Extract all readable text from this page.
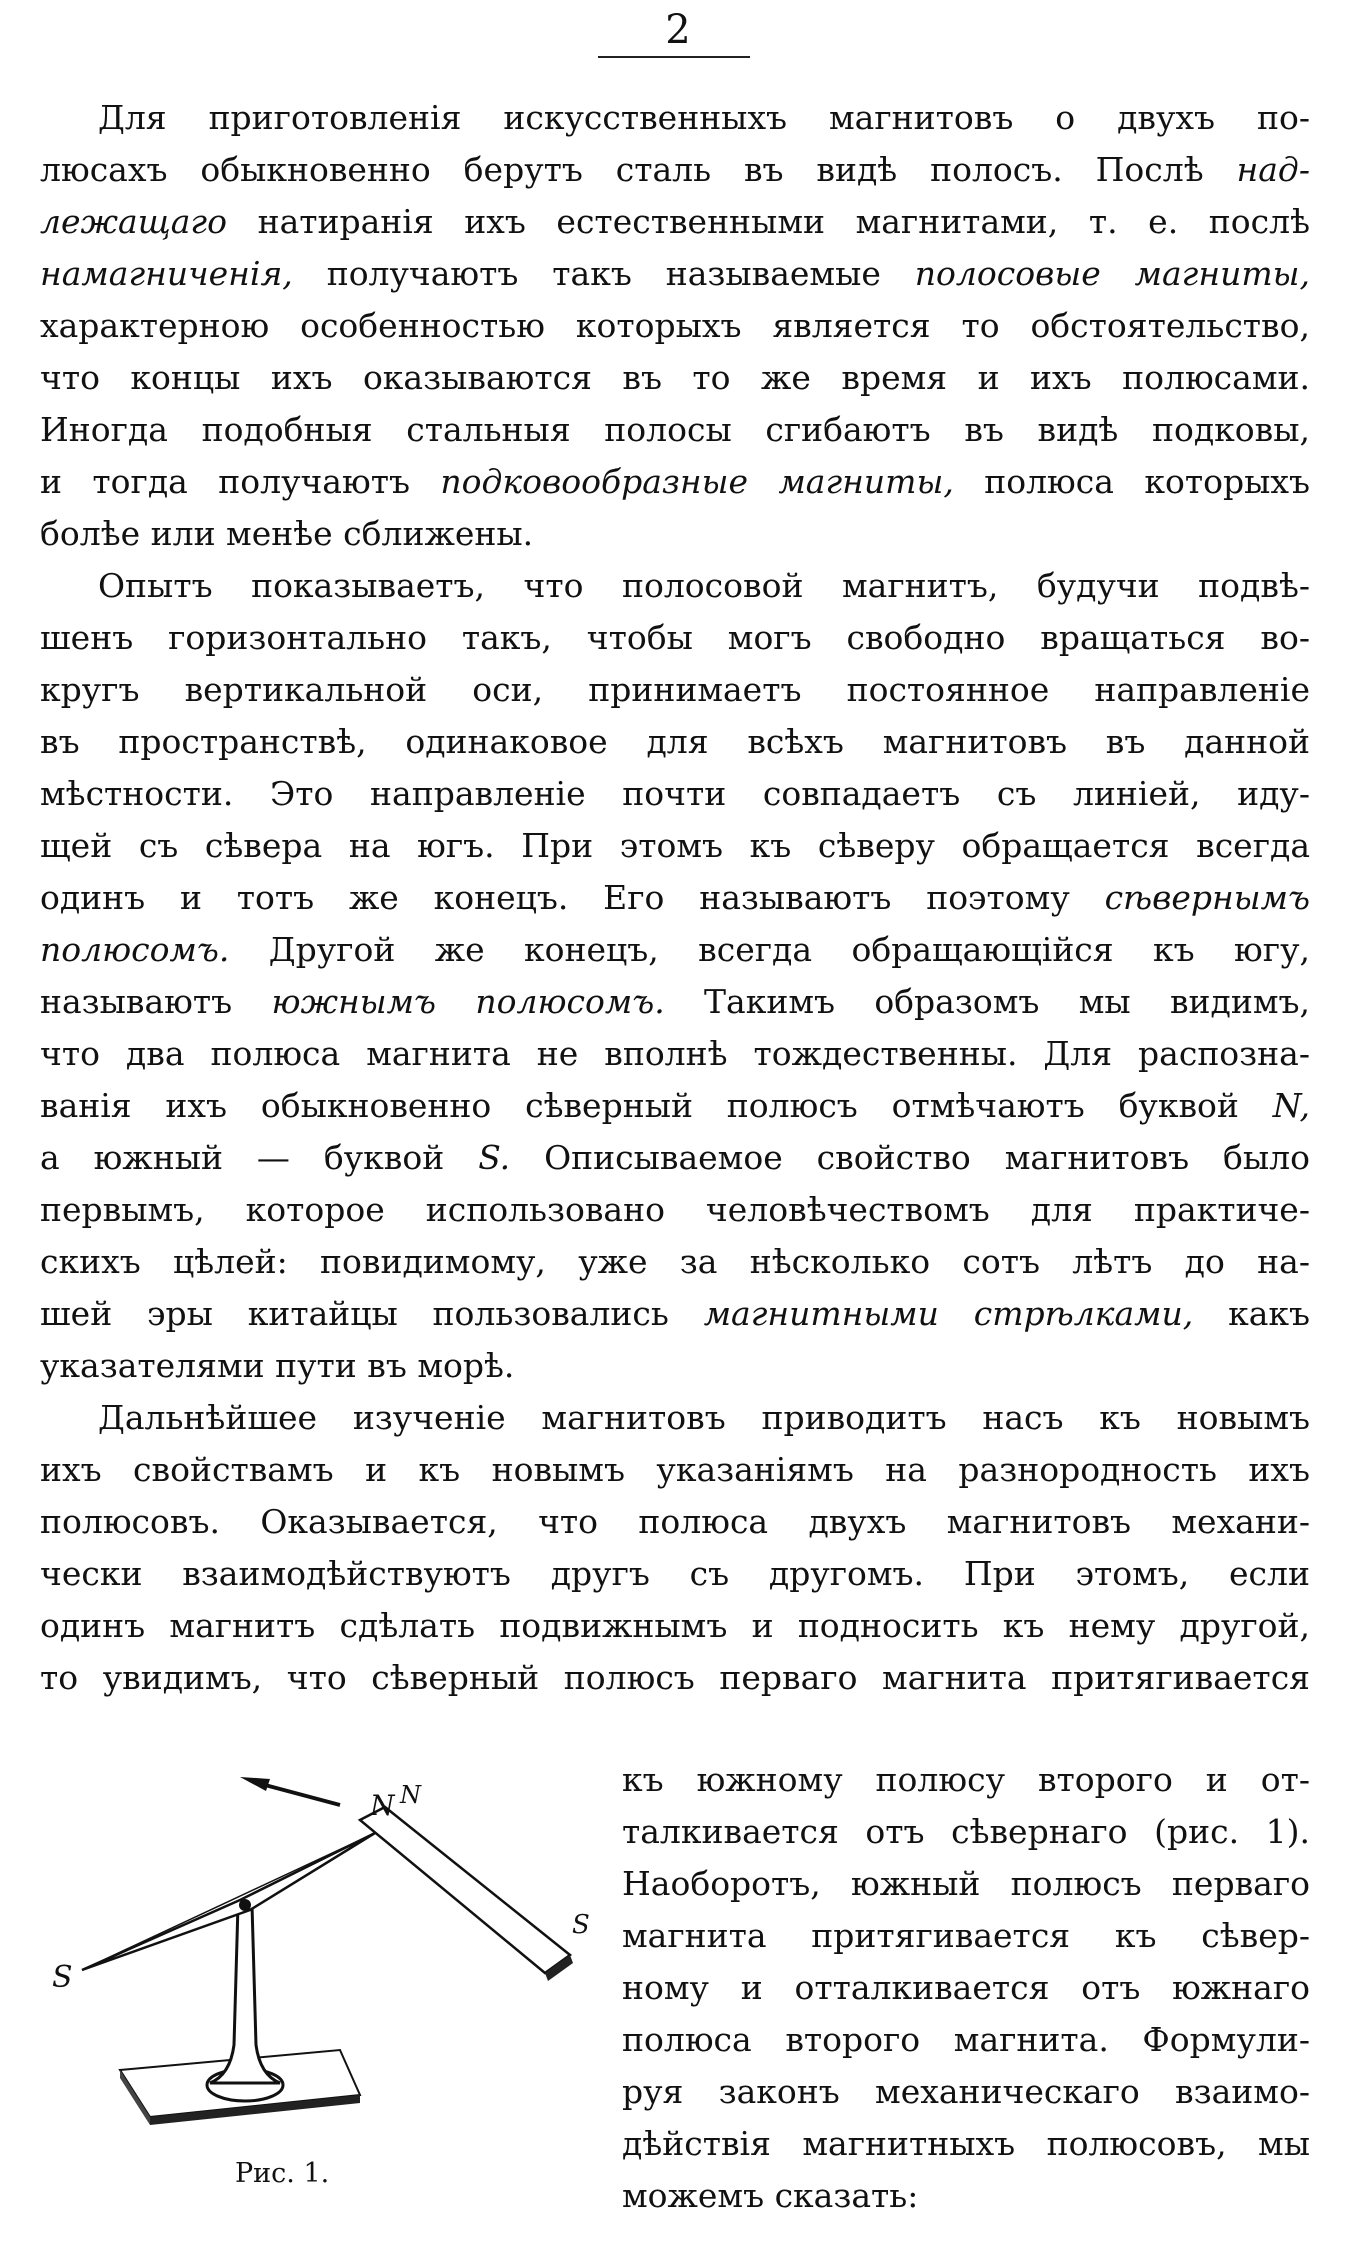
2

Для приготовленія искусственныхъ магнитовъ о двухъ по-
люсахъ обыкновенно берутъ сталь въ видѣ полосъ. Послѣ над-
лежащаго натиранія ихъ естественными магнитами, т. е. послѣ
намагниченія, получаютъ такъ называемые полосовые магниты,
характерною особенностью которыхъ является то обстоятельство,
что концы ихъ оказываются въ то же время и ихъ полюсами.
Иногда подобныя стальныя полосы сгибаютъ въ видѣ подковы,
и тогда получаютъ подковообразные магниты, полюса которыхъ
болѣе или менѣе сближены.

Опытъ показываетъ, что полосовой магнитъ, будучи подвѣ-
шенъ горизонтально такъ, чтобы могъ свободно вращаться во-
кругъ вертикальной оси, принимаетъ постоянное направленіе
въ пространствѣ, одинаковое для всѣхъ магнитовъ въ данной
мѣстности. Это направленіе почти совпадаетъ съ линіей, иду-
щей съ сѣвера на югъ. При этомъ къ сѣверу обращается всегда
одинъ и тотъ же конецъ. Его называютъ поэтому сѣвернымъ
полюсомъ. Другой же конецъ, всегда обращающійся къ югу,
называютъ южнымъ полюсомъ. Такимъ образомъ мы видимъ,
что два полюса магнита не вполнѣ тождественны. Для распозна-
ванія ихъ обыкновенно сѣверный полюсъ отмѣчаютъ буквой N,
а южный — буквой S. Описываемое свойство магнитовъ было
первымъ, которое использовано человѣчествомъ для практиче-
скихъ цѣлей: повидимому, уже за нѣсколько сотъ лѣтъ до на-
шей эры китайцы пользовались магнитными стрѣлками, какъ
указателями пути въ морѣ.

Дальнѣйшее изученіе магнитовъ приводитъ насъ къ новымъ
ихъ свойствамъ и къ новымъ указаніямъ на разнородность ихъ
полюсовъ. Оказывается, что полюса двухъ магнитовъ механи-
чески взаимодѣйствуютъ другъ съ другомъ. При этомъ, если
одинъ магнитъ сдѣлать подвижнымъ и подносить къ нему другой,
то увидимъ, что сѣверный полюсъ перваго магнита притягивается

къ южному полюсу второго и от-
талкивается отъ сѣвернаго (рис. 1).
Наоборотъ, южный полюсъ перваго
магнита притягивается къ сѣвер-
ному и отталкивается отъ южнаго
полюса второго магнита. Формули-
руя законъ механическаго взаимо-
дѣйствія магнитныхъ полюсовъ, мы
можемъ сказать:
S
N N
S
Рис. 1.
